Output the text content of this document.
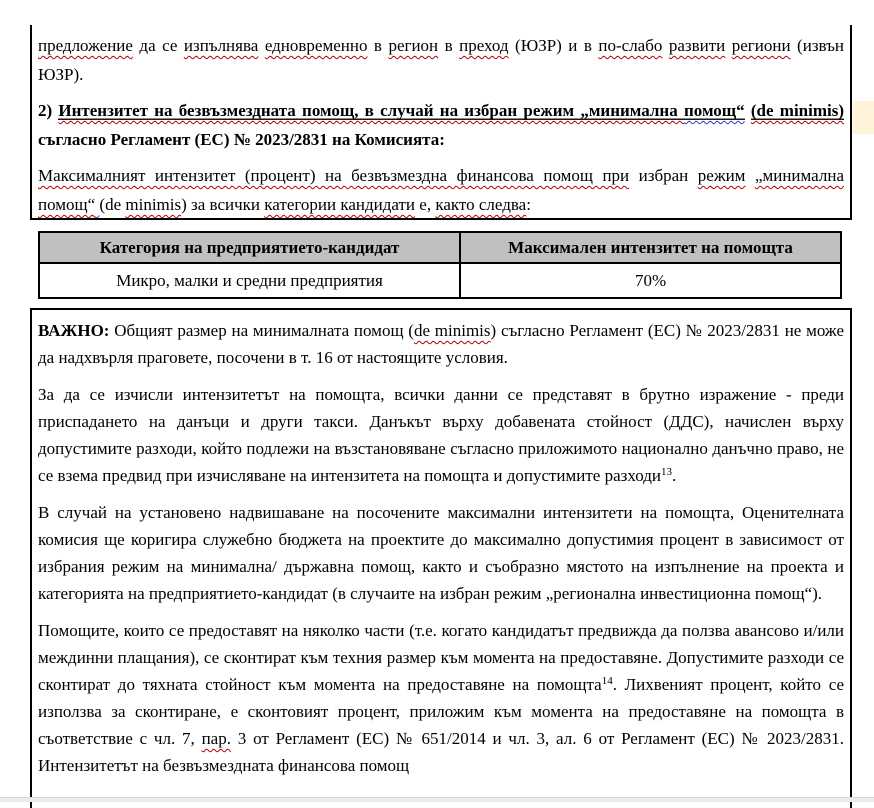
предложение да се изпълнява едновременно в регион в преход (ЮЗР) и в по-слабо развити региони (извън ЮЗР).

2) Интензитет на безвъзмездната помощ, в случай на избран режим „минимална помощ“ (de minimis) съгласно Регламент (ЕС) № 2023/2831 на Комисията:

Максималният интензитет (процент) на безвъзмездна финансова помощ при избран режим „минимална помощ“ (de minimis) за всички категории кандидати е, както следва:

Категория на предприятието-кандидат	Максимален интензитет на помощта
Микро, малки и средни предприятия	70%

ВАЖНО: Общият размер на минималната помощ (de minimis) съгласно Регламент (ЕС) № 2023/2831 не може да надхвърля праговете, посочени в т. 16 от настоящите условия.

За да се изчисли интензитетът на помощта, всички данни се представят в брутно изражение - преди приспадането на данъци и други такси. Данъкът върху добавената стойност (ДДС), начислен върху допустимите разходи, който подлежи на възстановяване съгласно приложимото национално данъчно право, не се взема предвид при изчисляване на интензитета на помощта и допустимите разходи$^{13}$.

В случай на установено надвишаване на посочените максимални интензитети на помощта, Оценителната комисия ще коригира служебно бюджета на проектите до максимално допустимия процент в зависимост от избрания режим на минимална/ държавна помощ, както и съобразно мястото на изпълнение на проекта и категорията на предприятието-кандидат (в случаите на избран режим „регионална инвестиционна помощ“).

Помощите, които се предоставят на няколко части (т.е. когато кандидатът предвижда да ползва авансово и/или междинни плащания), се сконтират към техния размер към момента на предоставяне. Допустимите разходи се сконтират до тяхната стойност към момента на предоставяне на помощта$^{14}$. Лихвеният процент, който се използва за сконтиране, е сконтовият процент, приложим към момента на предоставяне на помощта в съответствие с чл. 7, пар. 3 от Регламент (ЕС) № 651/2014 и чл. 3, ал. 6 от Регламент (ЕС) № 2023/2831. Интензитетът на безвъзмездната финансова помощ
